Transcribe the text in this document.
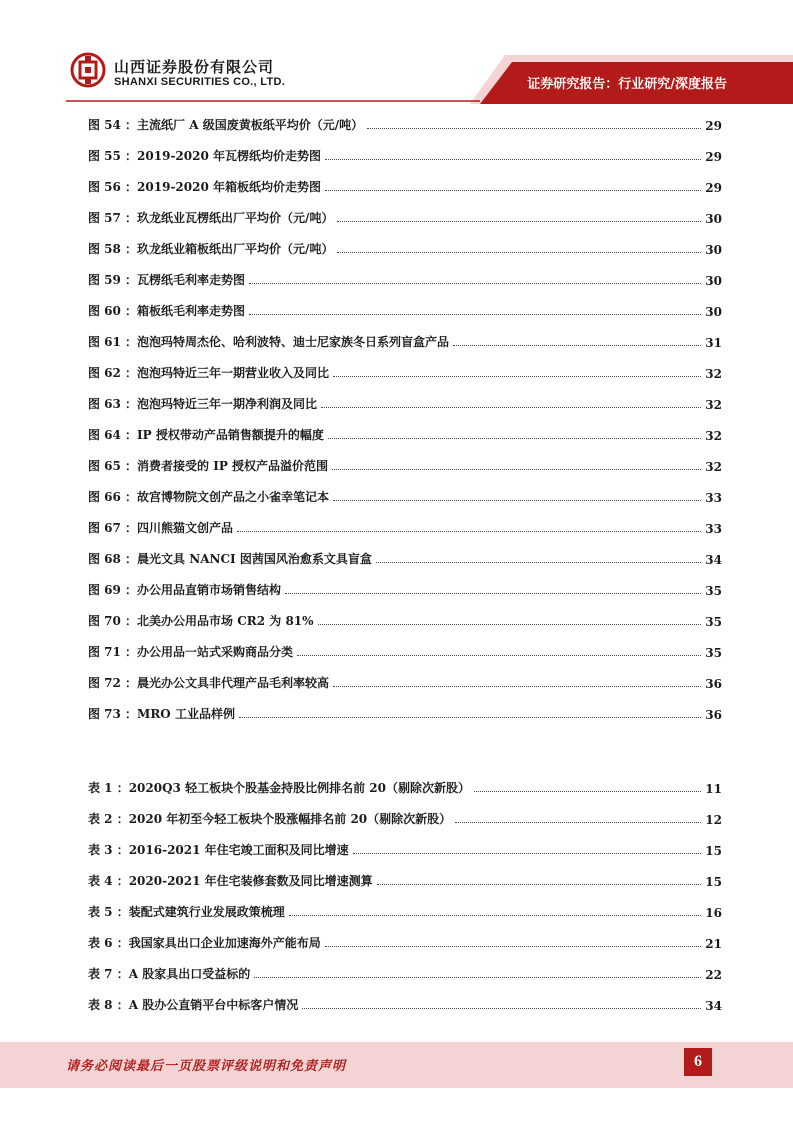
山西证券股份有限公司
SHANXI SECURITIES CO., LTD.	证券研究报告：行业研究/深度报告
图 54 ：主流纸厂 A 级国废黄板纸平均价（元/吨）	29
图 55 ：2019-2020 年瓦楞纸均价走势图	29
图 56 ：2019-2020 年箱板纸均价走势图	29
图 57 ：玖龙纸业瓦楞纸出厂平均价（元/吨）	30
图 58 ：玖龙纸业箱板纸出厂平均价（元/吨）	30
图 59 ：瓦楞纸毛利率走势图	30
图 60 ：箱板纸毛利率走势图	30
图 61 ：泡泡玛特周杰伦、哈利波特、迪士尼家族冬日系列盲盒产品	31
图 62 ：泡泡玛特近三年一期营业收入及同比	32
图 63 ：泡泡玛特近三年一期净利润及同比	32
图 64 ：IP 授权带动产品销售额提升的幅度	32
图 65 ：消费者接受的 IP 授权产品溢价范围	32
图 66 ：故宫博物院文创产品之小雀幸笔记本	33
图 67 ：四川熊猫文创产品	33
图 68 ：晨光文具 NANCI 囡茜国风治愈系文具盲盒	34
图 69 ：办公用品直销市场销售结构	35
图 70 ：北美办公用品市场 CR2 为 81%	35
图 71 ：办公用品一站式采购商品分类	35
图 72 ：晨光办公文具非代理产品毛利率较高	36
图 73 ：MRO 工业品样例	36
表 1 ：2020Q3 轻工板块个股基金持股比例排名前 20（剔除次新股）	11
表 2 ：2020 年初至今轻工板块个股涨幅排名前 20（剔除次新股）	12
表 3 ：2016-2021 年住宅竣工面积及同比增速	15
表 4 ：2020-2021 年住宅装修套数及同比增速测算	15
表 5 ：装配式建筑行业发展政策梳理	16
表 6 ：我国家具出口企业加速海外产能布局	21
表 7 ：A 股家具出口受益标的	22
表 8 ：A 股办公直销平台中标客户情况	34
请务必阅读最后一页股票评级说明和免责声明	6
